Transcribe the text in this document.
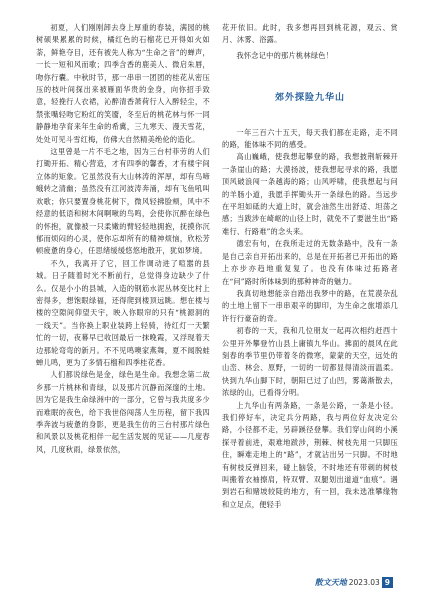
初夏，人们刚刚卸去身上厚重的春装，满园的桃树硕果累累的时候，橘红色的石榴花已开得如火如荼，鲜艳夺目，还有被先人称为“生命之音”的蝉声，一长一短和风而歌；四季含香的鹿美人、微启朱唇，吻你行囊。中秋时节，那一串串一团团的桂花从密压压的枝叶间探出来被雁面华贵的金身，向你招手致意，轻挽行人衣裙，沁醉清香萧荷行人入醉轻尘，不禁张嘴轻吻它粉红的笑靥，冬至后的桃花林与怀一同静静地孕育来年生命的希冀，三九寒天、漫天雪花，处处可见斗雪红梅，仿佛大自然精美绝伦的造化。

这里曾是一片不毛之地，因为三台村菲劳的人们打锄开拓、精心营造，才有四季的馨香，才有楼宇间立体的矩象。它虽然没有大山林涛的浑厚，却有鸟啼蛾转之清幽；虽然没有江河波涛奔涌，却有飞鱼吼叫欢歌；你只要置身桃花树下，微风轻拂脸颊，风中不经意的低语和树木间啊啾的鸟鸣，会使你沉醉在绿色的怀抱，就像被一只柔嫩的臂轻轻地拥抱，抚摸你沉郁而烦闷的心灵，使你忘却所有的精神烦恼，欣松芳顿疲惫的身心，任思绪缓缓悠悠地散开，犹如梦境。

不久，我离开了它，回工作调动进了喧嚣的县城。日子随着时光不断前行，总觉得身边缺少了什么。仅是小小的县城，入造的钢筋水泥丛林变比村上密得多，想饱眼绿福，还得爬到楼顶远眺。想在楼与楼的空隙间仰望天宇，映入你眼帘的只有“桃源洞的一线天”。当你换上职业装跨上轻骑，待红灯一天繁忙的一切，夜幕早已收回最后一抹晚霞，又浮现着天边那轮弯弯的新月。不不见鸣噢家燕舞，夏不闻脱蛙蝉儿鸣，更为了多情石榴和四季桂花香。

人们都说绿色是金，绿色是生命。我想念第二故乡那一片桃林和青绿，以及那片沉静而深邃的土地。因为它是我生命绿洲中的一部分，它曾与我共度多少而难眠的夜色，给下我世俗闯荡人生历程，留下我四季奔波与疲惫的身影，更是我生仿的三台村那片绿色和风景以及桃花相伴一起生活发展的见证——几度春风，几度秋雨，绿景依然，

花开依旧。此时，我多想再回到桃花源，观云、赏月、沐雾、浴露。

我怀念记中的那片桃林绿色！

郊外探险九华山

一年三百六十五天，每天我们都在走路，走不同的路，能体味不同的感受。

高山巍峨，使我想起攀登的路，我想披荆斩棘开一条崖山的路；大漠扬波，使我想起寻求的路，我愿顶风破浪闯一条越海的路；山风呼啸，使我想起与问的羊肠小道，我愿手挥锄头开一条绿色的路。当远步在平坦如砥的大道上时，就会油然生出舒适、坦荡之感；当跋涉在崎岖的山径上时，就免不了要滋生出“路难行、行路难”的念头来。

德宏有句，在我所走过的无数条路中，没有一条是自己亲自开拓出来的，总是在开拓者已开拓出的路上亦步亦趋地重复复了。也没有体味过拓路者在“问”路时所体味到的那种神奇的魅力。

我真切地想能亲自踏出我梦中的路，在荒漠杂乱的土地上留下一串串艰辛的脚印，为生命之旅增添几许行行豪奋的奇。

初春的一天，我和几位朋友一起再次相约赶西十公里开外攀登竹山县上庸镇九华山。拂面的晨风在此刻春的季节里仍带着冬的微寒，蒙蒙的天空，远处的山峦、林会、原野，一切的一切都显得清淡而温柔。快到九华山脚下时，朝阳已过了山凹，雾蔼渐散去，浓绿的山，已看得分明。

上九华山有两条路，一条是公路，一条是小径。我们停好车，决定兵分两路，我与两位好友决定公路，小径都不走，另辟蹊径登攀。我们穿山间的小溪探寻着前进，艰难地跋涉，荆棘、树枝先用一只脚压住，瞬难走地上的“路”，才就沾出另一只脚。不时地有树枝反弹回来，碰上脑袋，不时地还有带刺的树枝叫搬着衣袖擦肩，特双臂、双腿划出道道“血痕”。遇到岩石和赌坡较陡的地方，有一回，我未选准攀缘物和立足点，便轻手

散文天地 2023.03 9
